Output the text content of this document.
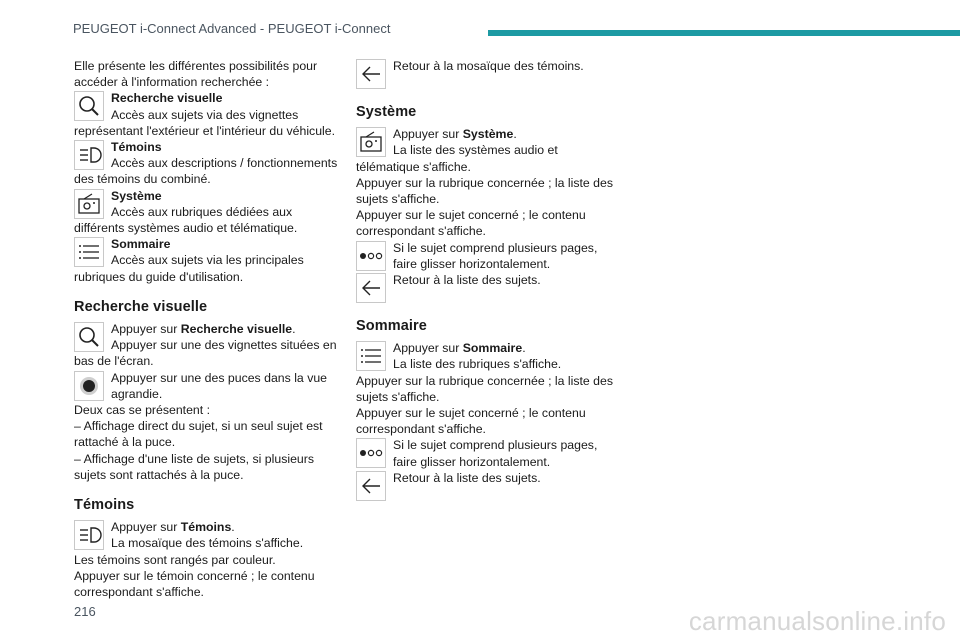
PEUGEOT i-Connect Advanced - PEUGEOT i-Connect

Elle présente les différentes possibilités pour accéder à l'information recherchée :

Recherche visuelle
Accès aux sujets via des vignettes représentant l'extérieur et l'intérieur du véhicule.
Témoins
Accès aux descriptions / fonctionnements des témoins du combiné.
Système
Accès aux rubriques dédiées aux différents systèmes audio et télématique.
Sommaire
Accès aux sujets via les principales rubriques du guide d'utilisation.
Recherche visuelle
Appuyer sur Recherche visuelle.
Appuyer sur une des vignettes situées en bas de l'écran.
Appuyer sur une des puces dans la vue agrandie.

Deux cas se présentent :

– Affichage direct du sujet, si un seul sujet est rattaché à la puce.

– Affichage d'une liste de sujets, si plusieurs sujets sont rattachés à la puce.

Témoins
Appuyer sur Témoins.
La mosaïque des témoins s'affiche.

Les témoins sont rangés par couleur.

Appuyer sur le témoin concerné ; le contenu correspondant s'affiche.

Retour à la mosaïque des témoins.
Système
Appuyer sur Système.
La liste des systèmes audio et télématique s'affiche.

Appuyer sur la rubrique concernée ; la liste des sujets s'affiche.

Appuyer sur le sujet concerné ; le contenu correspondant s'affiche.

Si le sujet comprend plusieurs pages, faire glisser horizontalement.
Retour à la liste des sujets.
Sommaire
Appuyer sur Sommaire.
La liste des rubriques s'affiche.

Appuyer sur la rubrique concernée ; la liste des sujets s'affiche.

Appuyer sur le sujet concerné ; le contenu correspondant s'affiche.

Si le sujet comprend plusieurs pages, faire glisser horizontalement.
Retour à la liste des sujets.
216	carmanualsonline.info
